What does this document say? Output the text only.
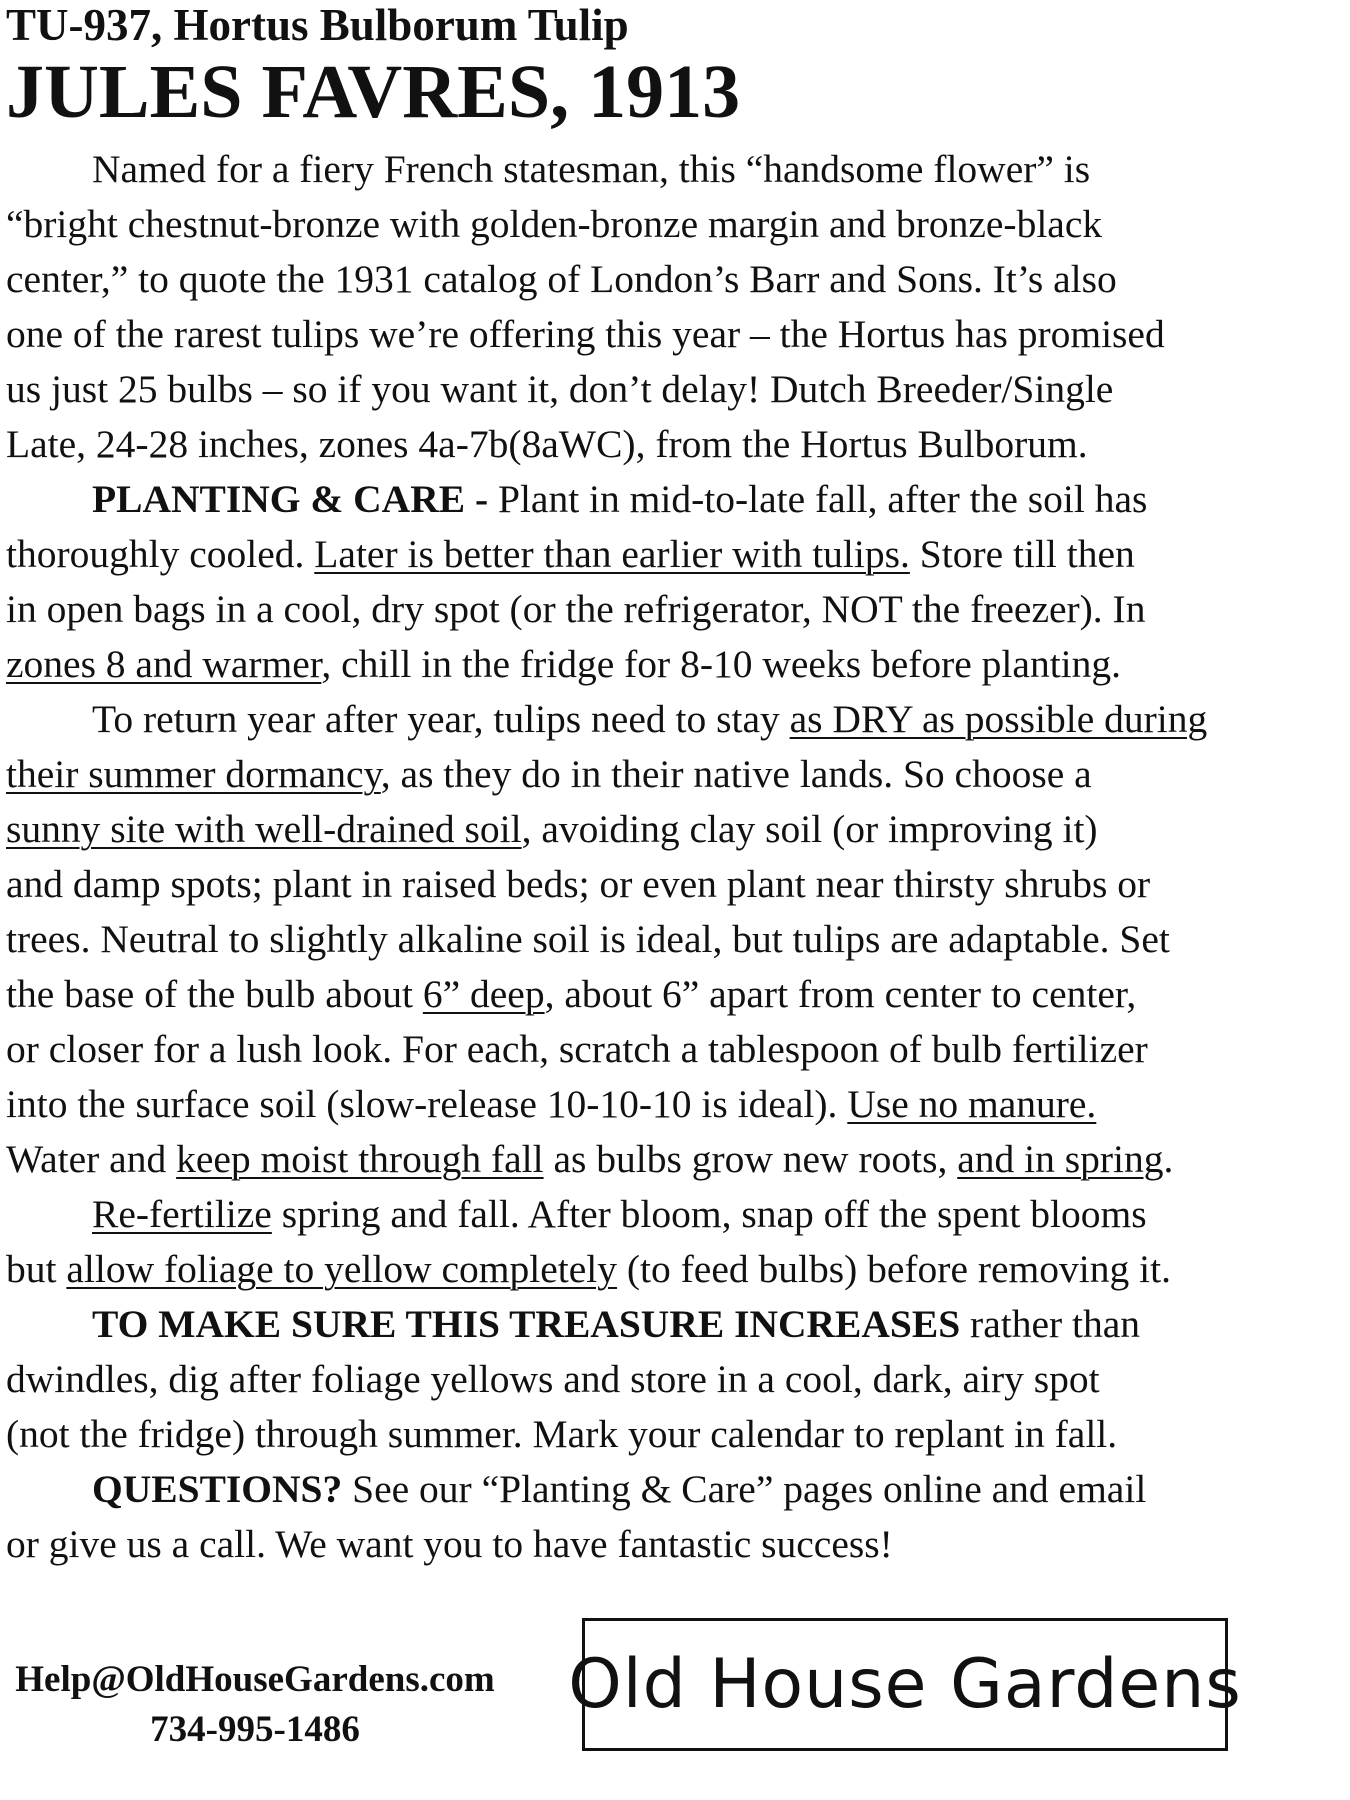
TU-937, Hortus Bulborum Tulip

JULES FAVRES, 1913

Named for a fiery French statesman, this “handsome flower” is
“bright chestnut-bronze with golden-bronze margin and bronze-black
center,” to quote the 1931 catalog of London’s Barr and Sons. It’s also
one of the rarest tulips we’re offering this year – the Hortus has promised
us just 25 bulbs – so if you want it, don’t delay! Dutch Breeder/Single
Late, 24-28 inches, zones 4a-7b(8aWC), from the Hortus Bulborum.
PLANTING & CARE - Plant in mid-to-late fall, after the soil has
thoroughly cooled. Later is better than earlier with tulips. Store till then
in open bags in a cool, dry spot (or the refrigerator, NOT the freezer). In
zones 8 and warmer, chill in the fridge for 8-10 weeks before planting.
To return year after year, tulips need to stay as DRY as possible during
their summer dormancy, as they do in their native lands. So choose a
sunny site with well-drained soil, avoiding clay soil (or improving it)
and damp spots; plant in raised beds; or even plant near thirsty shrubs or
trees. Neutral to slightly alkaline soil is ideal, but tulips are adaptable. Set
the base of the bulb about 6” deep, about 6” apart from center to center,
or closer for a lush look. For each, scratch a tablespoon of bulb fertilizer
into the surface soil (slow-release 10-10-10 is ideal). Use no manure.
Water and keep moist through fall as bulbs grow new roots, and in spring.
Re-fertilize spring and fall. After bloom, snap off the spent blooms
but allow foliage to yellow completely (to feed bulbs) before removing it.
TO MAKE SURE THIS TREASURE INCREASES rather than
dwindles, dig after foliage yellows and store in a cool, dark, airy spot
(not the fridge) through summer. Mark your calendar to replant in fall.
QUESTIONS? See our “Planting & Care” pages online and email
or give us a call. We want you to have fantastic success!
Help@OldHouseGardens.com
734-995-1486
Old House Gardens
